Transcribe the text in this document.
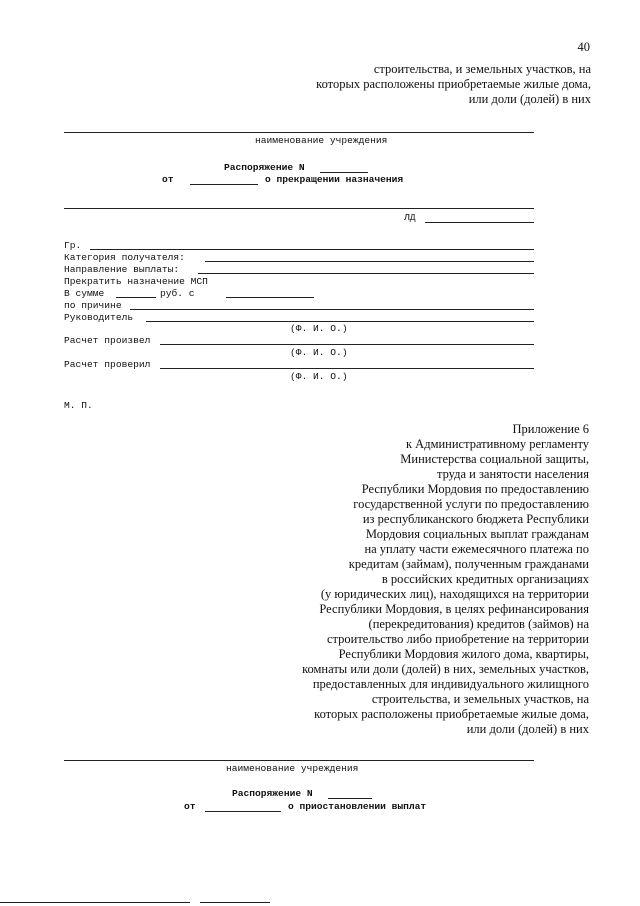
40
строительства, и земельных участков, на
которых расположены приобретаемые жилые дома,
или доли (долей) в них
наименование учреждения
Распоряжение N
от	о прекращении назначения
ЛД
Гр.
Категория получателя:
Направление выплаты:
Прекратить назначение МСП
В сумме	руб. с
по причине
Руководитель
(Ф. И. О.)
Расчет произвел
(Ф. И. О.)
Расчет проверил
(Ф. И. О.)
М. П.
Приложение 6
к Административному регламенту
Министерства социальной защиты,
труда и занятости населения
Республики Мордовия по предоставлению
государственной услуги по предоставлению
из республиканского бюджета Республики
Мордовия социальных выплат гражданам
на уплату части ежемесячного платежа по
кредитам (займам), полученным гражданами
в российских кредитных организациях
(у юридических лиц), находящихся на территории
Республики Мордовия, в целях рефинансирования
(перекредитования) кредитов (займов) на
строительство либо приобретение на территории
Республики Мордовия жилого дома, квартиры,
комнаты или доли (долей) в них, земельных участков,
предоставленных для индивидуального жилищного
строительства, и земельных участков, на
которых расположены приобретаемые жилые дома,
или доли (долей) в них
наименование учреждения
Распоряжение N
от	о приостановлении выплат
